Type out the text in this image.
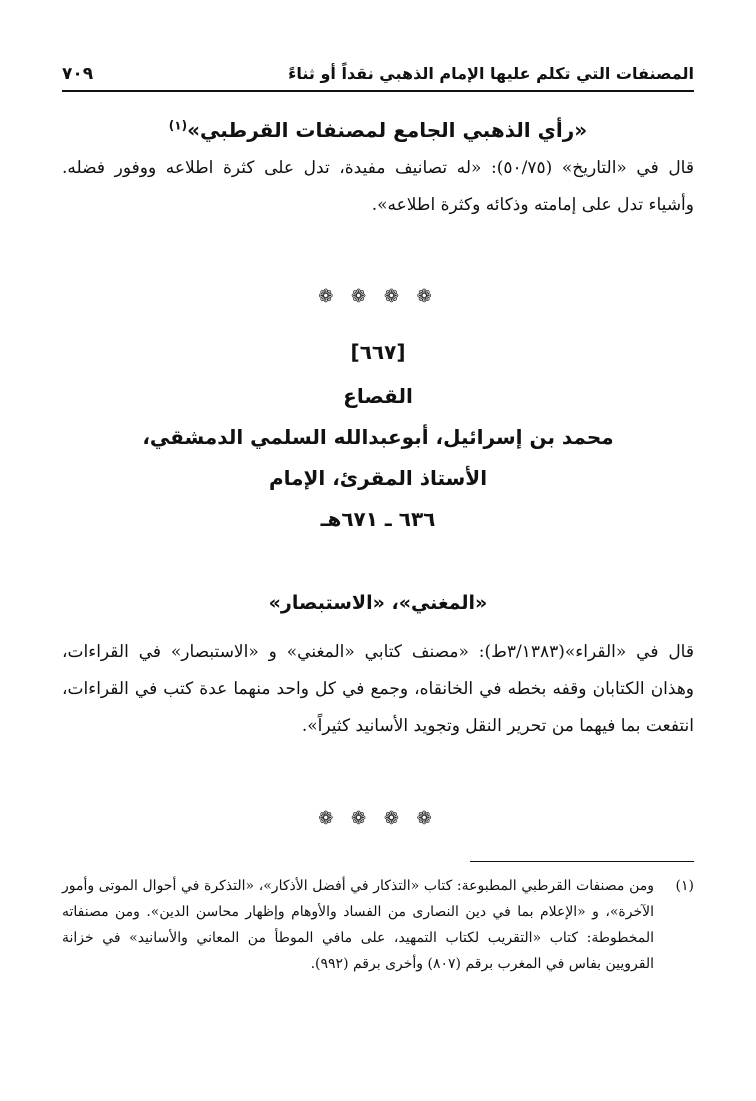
المصنفات التي تكلم عليها الإمام الذهبي نقداً أو ثناءً
٧٠٩
«رأي الذهبي الجامع لمصنفات القرطبي»$^{(١)}$

قال في «التاريخ» (٥٠/٧٥): «له تصانيف مفيدة، تدل على كثرة اطلاعه ووفور فضله. وأشياء تدل على إمامته وذكائه وكثرة اطلاعه».

❁ ❁ ❁ ❁
[٦٦٧]
القصاع
محمد بن إسرائيل، أبوعبدالله السلمي الدمشقي،
الأستاذ المقرئ، الإمام
٦٣٦ ـ ٦٧١هـ
«المغني»، «الاستبصار»

قال في «القراء»(٣/١٣٨٣ط): «مصنف كتابي «المغني» و «الاستبصار» في القراءات، وهذان الكتابان وقفه بخطه في الخانقاه، وجمع في كل واحد منهما عدة كتب في القراءات، انتفعت بما فيهما من تحرير النقل وتجويد الأسانيد كثيراً».

❁ ❁ ❁ ❁
(١)
ومن مصنفات القرطبي المطبوعة: كتاب «التذكار في أفضل الأذكار»، «التذكرة في أحوال الموتى وأمور الآخرة»، و «الإعلام بما في دين النصارى من الفساد والأوهام وإظهار محاسن الدين». ومن مصنفاته المخطوطة: كتاب «التقريب لكتاب التمهيد، على مافي الموطأ من المعاني والأسانيد» في خزانة القرويين بفاس في المغرب برقم (٨٠٧) وأخرى برقم (٩٩٢).
